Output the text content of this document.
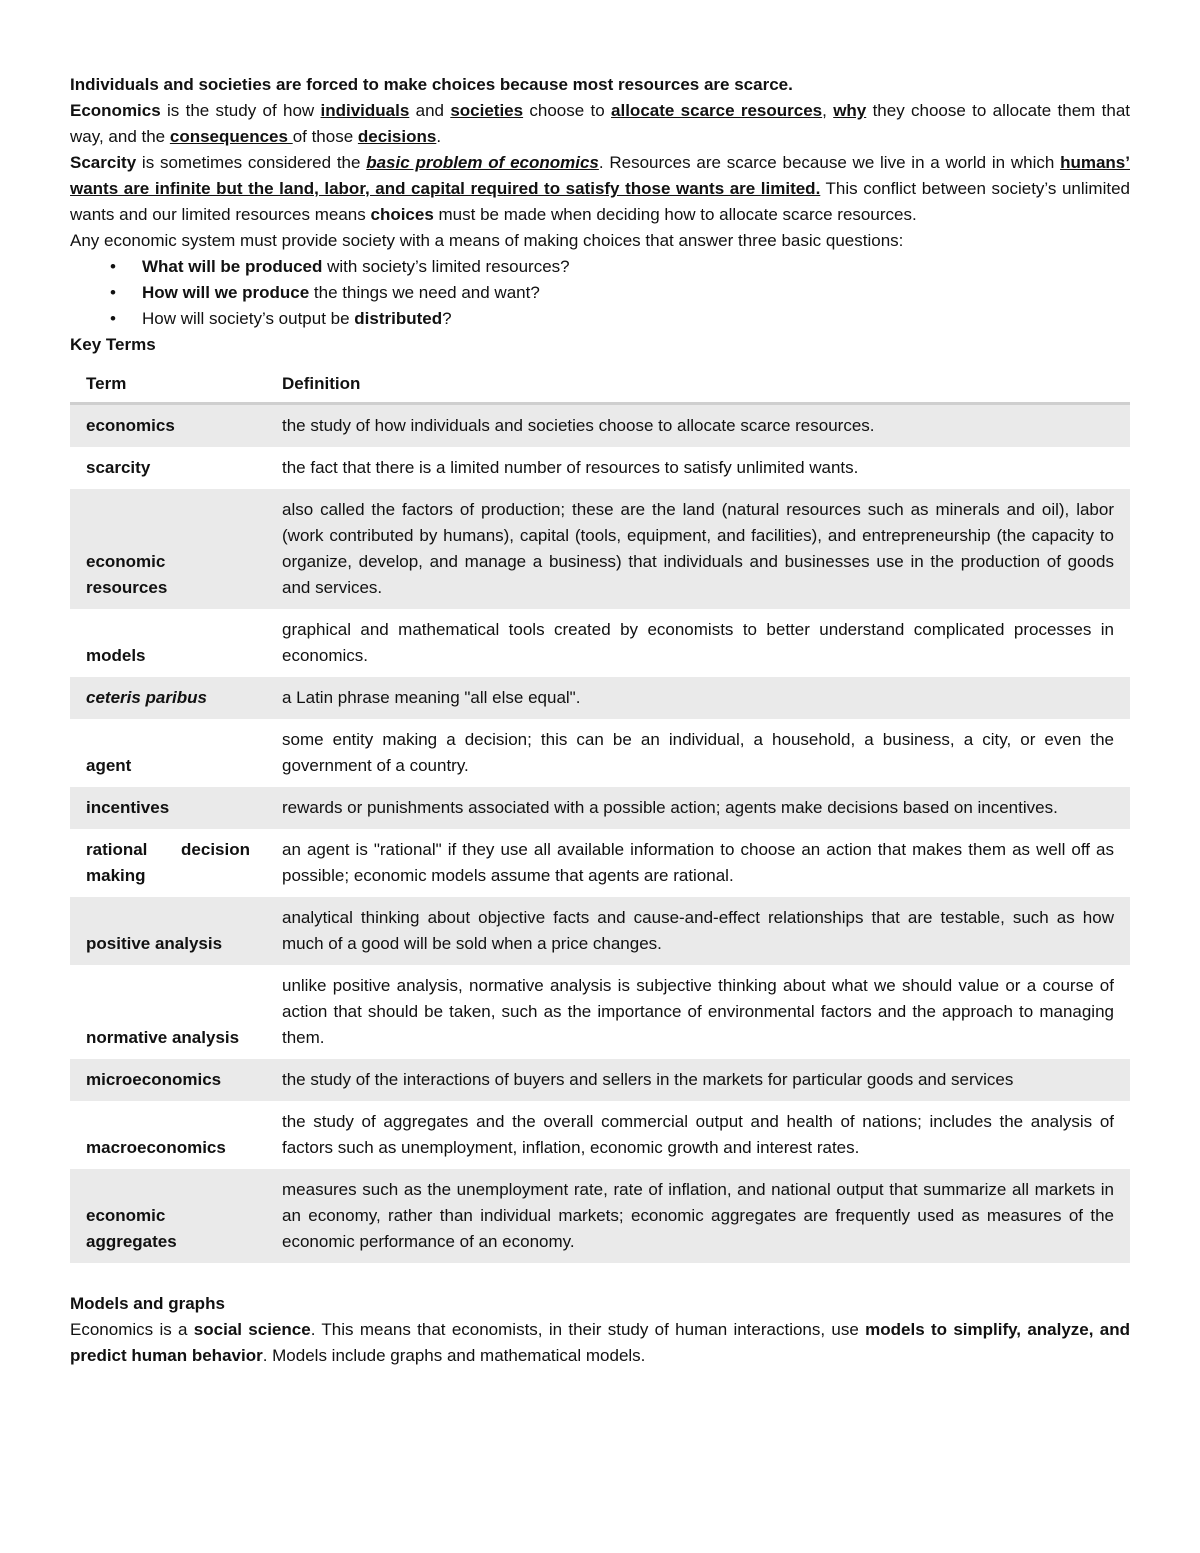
Individuals and societies are forced to make choices because most resources are scarce.

Economics is the study of how individuals and societies choose to allocate scarce resources, why they choose to allocate them that way, and the consequences of those decisions.

Scarcity is sometimes considered the basic problem of economics. Resources are scarce because we live in a world in which humans’ wants are infinite but the land, labor, and capital required to satisfy those wants are limited. This conflict between society’s unlimited wants and our limited resources means choices must be made when deciding how to allocate scarce resources.

Any economic system must provide society with a means of making choices that answer three basic questions:

• What will be produced with society’s limited resources?
• How will we produce the things we need and want?
• How will society’s output be distributed?

Key Terms

Term	Definition
economics	the study of how individuals and societies choose to allocate scarce resources.
scarcity	the fact that there is a limited number of resources to satisfy unlimited wants.
economic resources	also called the factors of production; these are the land (natural resources such as minerals and oil), labor (work contributed by humans), capital (tools, equipment, and facilities), and entrepreneurship (the capacity to organize, develop, and manage a business) that individuals and businesses use in the production of goods and services.
models	graphical and mathematical tools created by economists to better understand complicated processes in economics.
ceteris paribus	a Latin phrase meaning "all else equal".
agent	some entity making a decision; this can be an individual, a household, a business, a city, or even the government of a country.
incentives	rewards or punishments associated with a possible action; agents make decisions based on incentives.
rational decision making	an agent is "rational" if they use all available information to choose an action that makes them as well off as possible; economic models assume that agents are rational.
positive analysis	analytical thinking about objective facts and cause-and-effect relationships that are testable, such as how much of a good will be sold when a price changes.
normative analysis	unlike positive analysis, normative analysis is subjective thinking about what we should value or a course of action that should be taken, such as the importance of environmental factors and the approach to managing them.
microeconomics	the study of the interactions of buyers and sellers in the markets for particular goods and services
macroeconomics	the study of aggregates and the overall commercial output and health of nations; includes the analysis of factors such as unemployment, inflation, economic growth and interest rates.
economic aggregates	measures such as the unemployment rate, rate of inflation, and national output that summarize all markets in an economy, rather than individual markets; economic aggregates are frequently used as measures of the economic performance of an economy.

Models and graphs

Economics is a social science. This means that economists, in their study of human interactions, use models to simplify, analyze, and predict human behavior. Models include graphs and mathematical models.
